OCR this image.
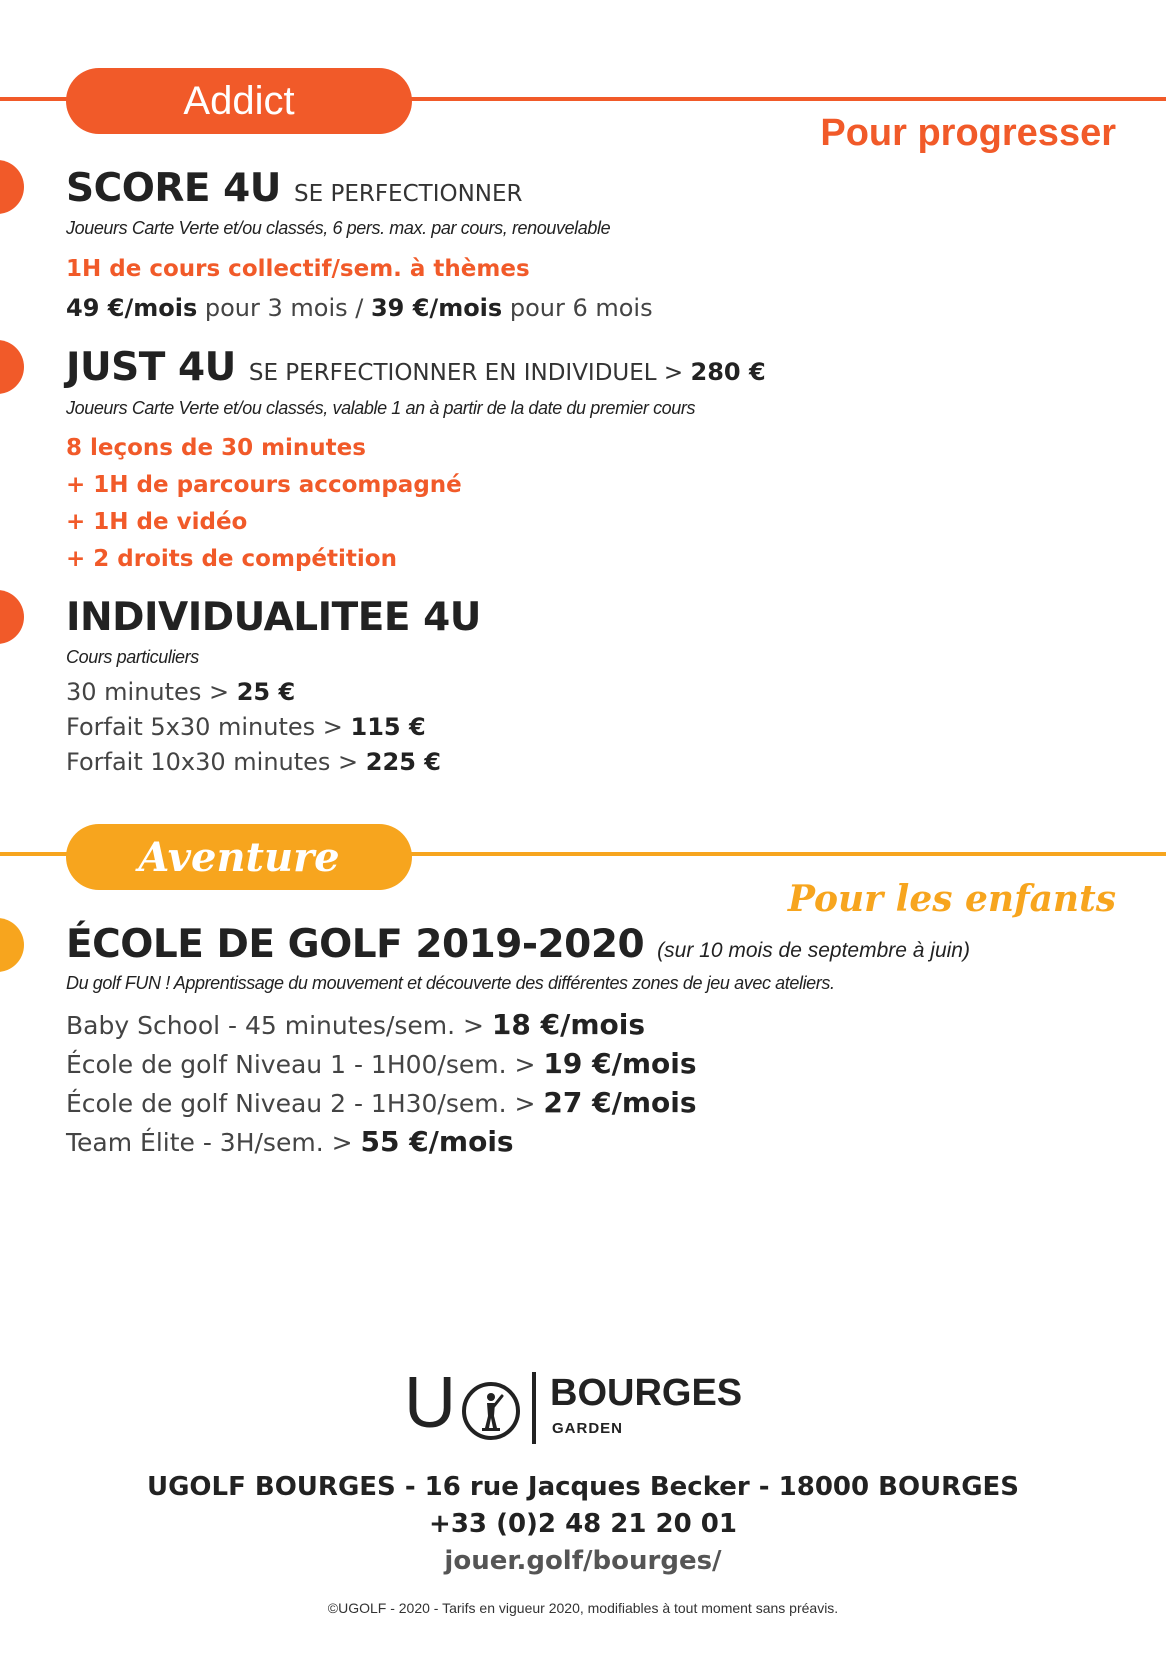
Addict
Pour progresser
SCORE 4U SE PERFECTIONNER
Joueurs Carte Verte et/ou classés, 6 pers. max. par cours, renouvelable
1H de cours collectif/sem. à thèmes
49 €/mois pour 3 mois / 39 €/mois pour 6 mois
JUST 4U SE PERFECTIONNER EN INDIVIDUEL > 280 €
Joueurs Carte Verte et/ou classés, valable 1 an à partir de la date du premier cours
8 leçons de 30 minutes
+ 1H de parcours accompagné
+ 1H de vidéo
+ 2 droits de compétition
INDIVIDUALITEE 4U
Cours particuliers
30 minutes > 25 €
Forfait 5x30 minutes > 115 €
Forfait 10x30 minutes > 225 €
Aventure
Pour les enfants
ÉCOLE DE GOLF 2019-2020 (sur 10 mois de septembre à juin)
Du golf FUN ! Apprentissage du mouvement et découverte des différentes zones de jeu avec ateliers.
Baby School - 45 minutes/sem. > 18 €/mois
École de golf Niveau 1 - 1H00/sem. > 19 €/mois
École de golf Niveau 2 - 1H30/sem. > 27 €/mois
Team Élite - 3H/sem. > 55 €/mois
U BOURGES
GARDEN
UGOLF BOURGES - 16 rue Jacques Becker - 18000 BOURGES
+33 (0)2 48 21 20 01
jouer.golf/bourges/
©UGOLF - 2020 - Tarifs en vigueur 2020, modifiables à tout moment sans préavis.
